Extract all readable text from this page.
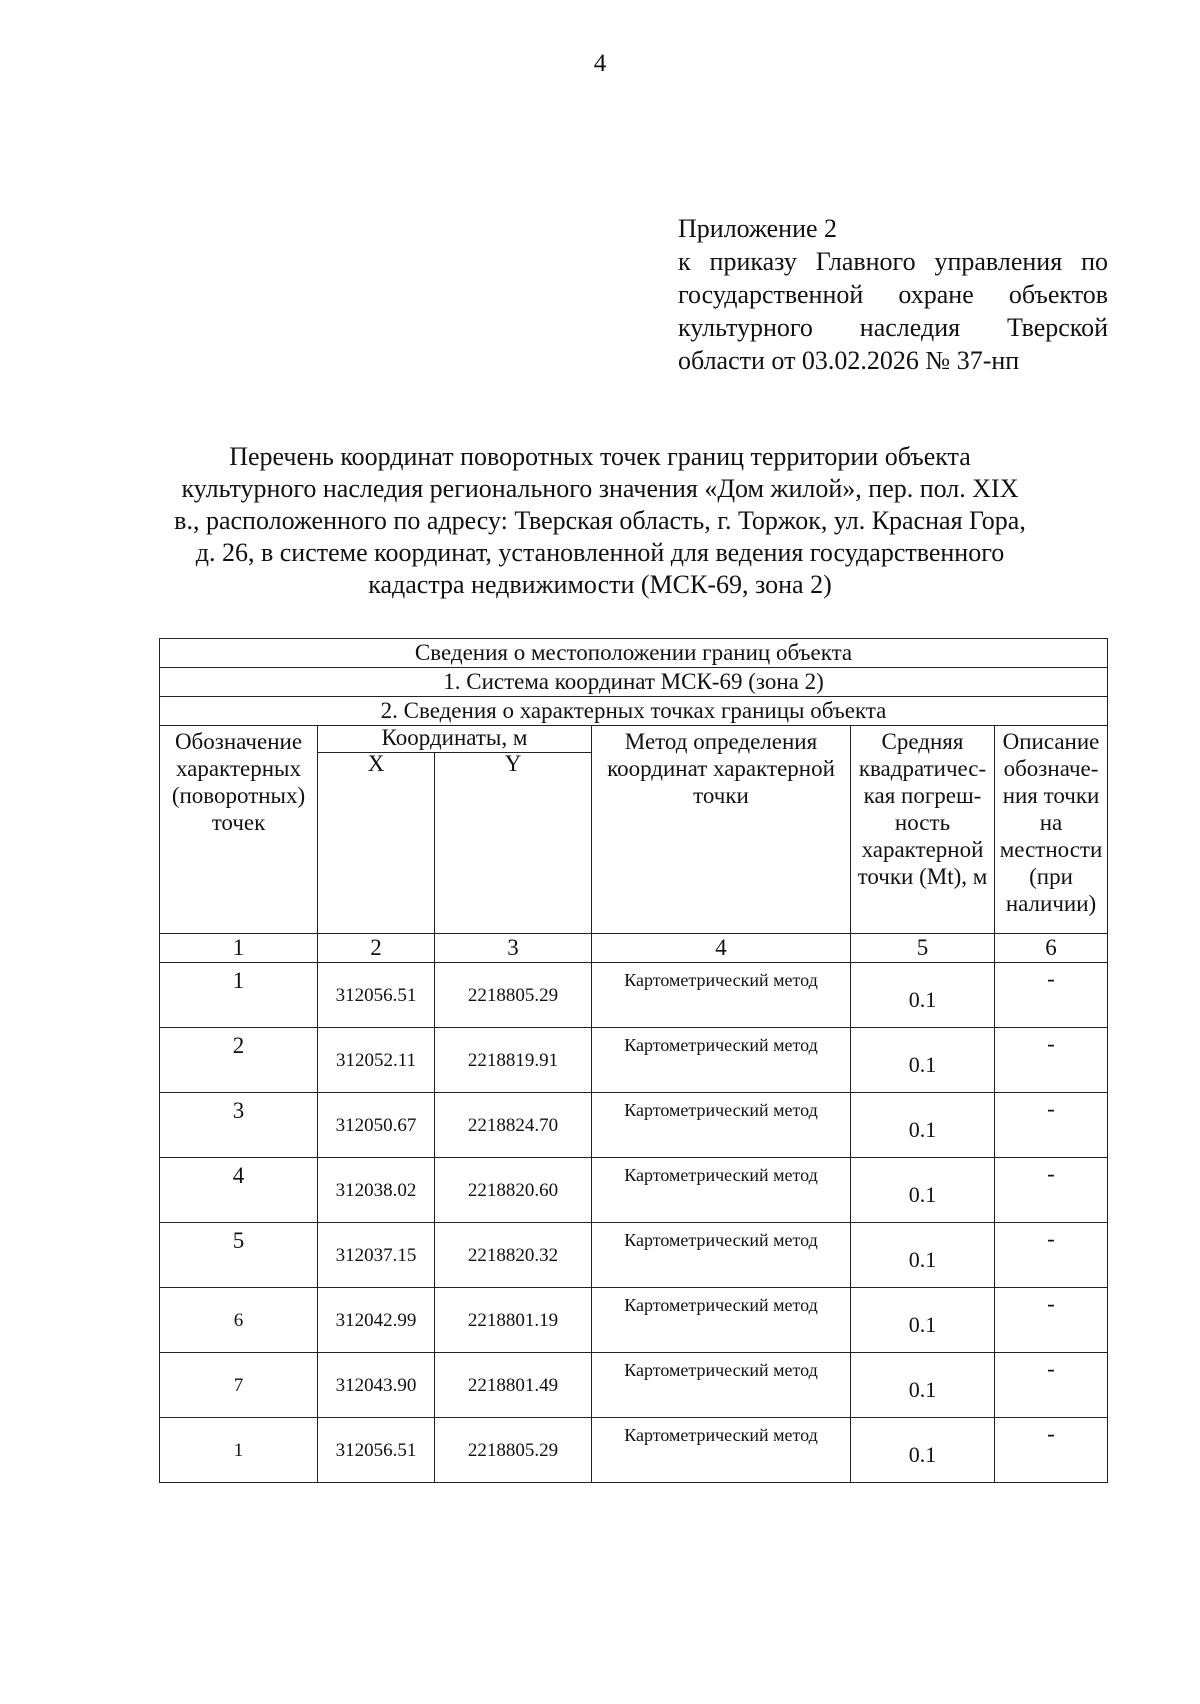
4
Приложение 2
к приказу Главного управления по
государственной охране объектов
культурного наследия Тверской
области от 03.02.2026 № 37-нп
Перечень координат поворотных точек границ территории объекта
культурного наследия регионального значения «Дом жилой», пер. пол. XIX
в., расположенного по адресу: Тверская область, г. Торжок, ул. Красная Гора,
д. 26, в системе координат, установленной для ведения государственного
кадастра недвижимости (МСК-69, зона 2)
Сведения о местоположении границ объекта					
1. Система координат МСК-69 (зона 2)					
2. Сведения о характерных точках границы объекта					
Обозначение характерных (поворотных) точек	Координаты, м		Метод определения координат характерной точки	Средняя квадратичес-кая погреш-ность характерной точки (Mt), м	Описание обозначе-ния точки на местности (при наличии)
	X	Y			
1	2	3	4	5	6
1	312056.51	2218805.29	Картометрический метод	0.1	-
2	312052.11	2218819.91	Картометрический метод	0.1	-
3	312050.67	2218824.70	Картометрический метод	0.1	-
4	312038.02	2218820.60	Картометрический метод	0.1	-
5	312037.15	2218820.32	Картометрический метод	0.1	-
6	312042.99	2218801.19	Картометрический метод	0.1	-
7	312043.90	2218801.49	Картометрический метод	0.1	-
1	312056.51	2218805.29	Картометрический метод	0.1	-
